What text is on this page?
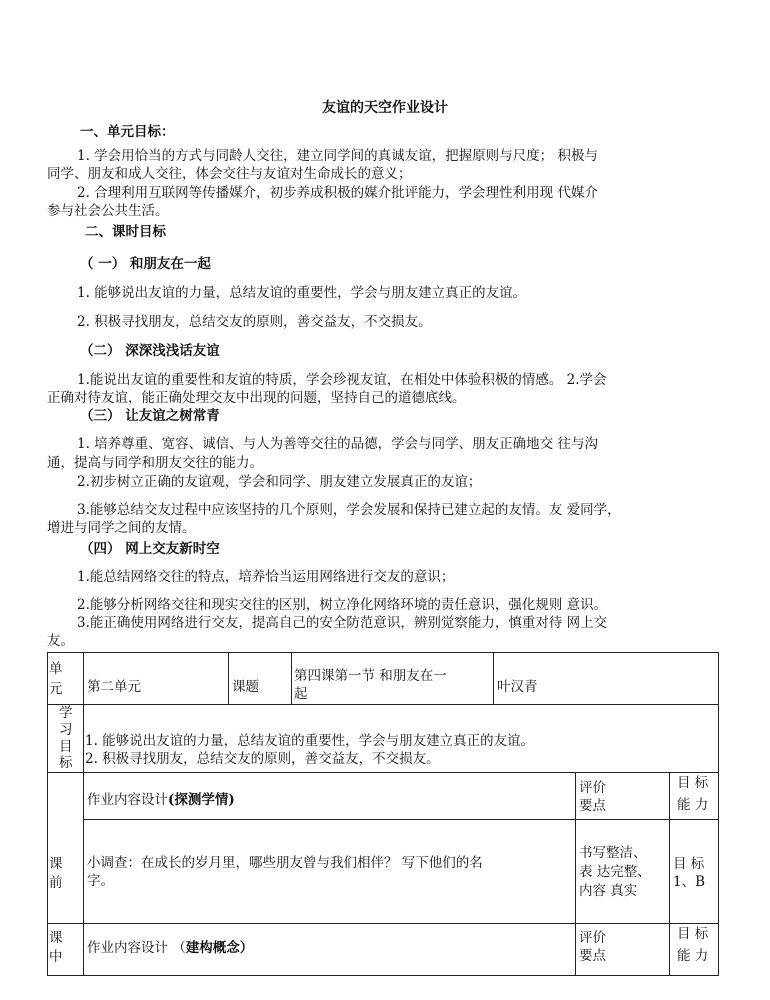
友谊的天空作业设计
一、单元目标：
1. 学会用恰当的方式与同龄人交往，建立同学间的真诚友谊，把握原则与尺度； 积极与
同学、朋友和成人交往，体会交往与友谊对生命成长的意义；
2. 合理利用互联网等传播媒介，初步养成积极的媒介批评能力，学会理性利用现 代媒介
参与社会公共生活。
二、课时目标
（ 一） 和朋友在一起
1. 能够说出友谊的力量，总结友谊的重要性，学会与朋友建立真正的友谊。
2. 积极寻找朋友，总结交友的原则，善交益友，不交损友。
（二） 深深浅浅话友谊
1.能说出友谊的重要性和友谊的特质，学会珍视友谊，在相处中体验积极的情感。 2.学会
正确对待友谊，能正确处理交友中出现的问题，坚持自己的道德底线。
（三） 让友谊之树常青
1. 培养尊重、宽容、诚信、与人为善等交往的品德，学会与同学、朋友正确地交 往与沟
通，提高与同学和朋友交往的能力。
2.初步树立正确的友谊观，学会和同学、朋友建立发展真正的友谊；
3.能够总结交友过程中应该坚持的几个原则，学会发展和保持已建立起的友情。友 爱同学，
增进与同学之间的友情。
（四） 网上交友新时空
1.能总结网络交往的特点，培养恰当运用网络进行交友的意识；
2.能够分析网络交往和现实交往的区别，树立净化网络环境的责任意识，强化规则 意识。
3.能正确使用网络进行交友，提高自己的安全防范意识，辨别觉察能力，慎重对待 网上交
友。
单
元 第二单元	课题
第四课第一节 和朋友在一
起	叶汉青
学
习
目
标
1. 能够说出友谊的力量，总结友谊的重要性，学会与朋友建立真正的友谊。
2. 积极寻找朋友，总结交友的原则，善交益友，不交损友。
作业内容设计(探测学情)
评价
要点
目 标
能 力
课
前
小调查：在成长的岁月里，哪些朋友曾与我们相伴？ 写下他们的名
字。
书写整洁、
表 达完整、
内容 真实
目 标
1、B
课
中
作业内容设计 （建构概念）
评价
要点
目 标
能 力
